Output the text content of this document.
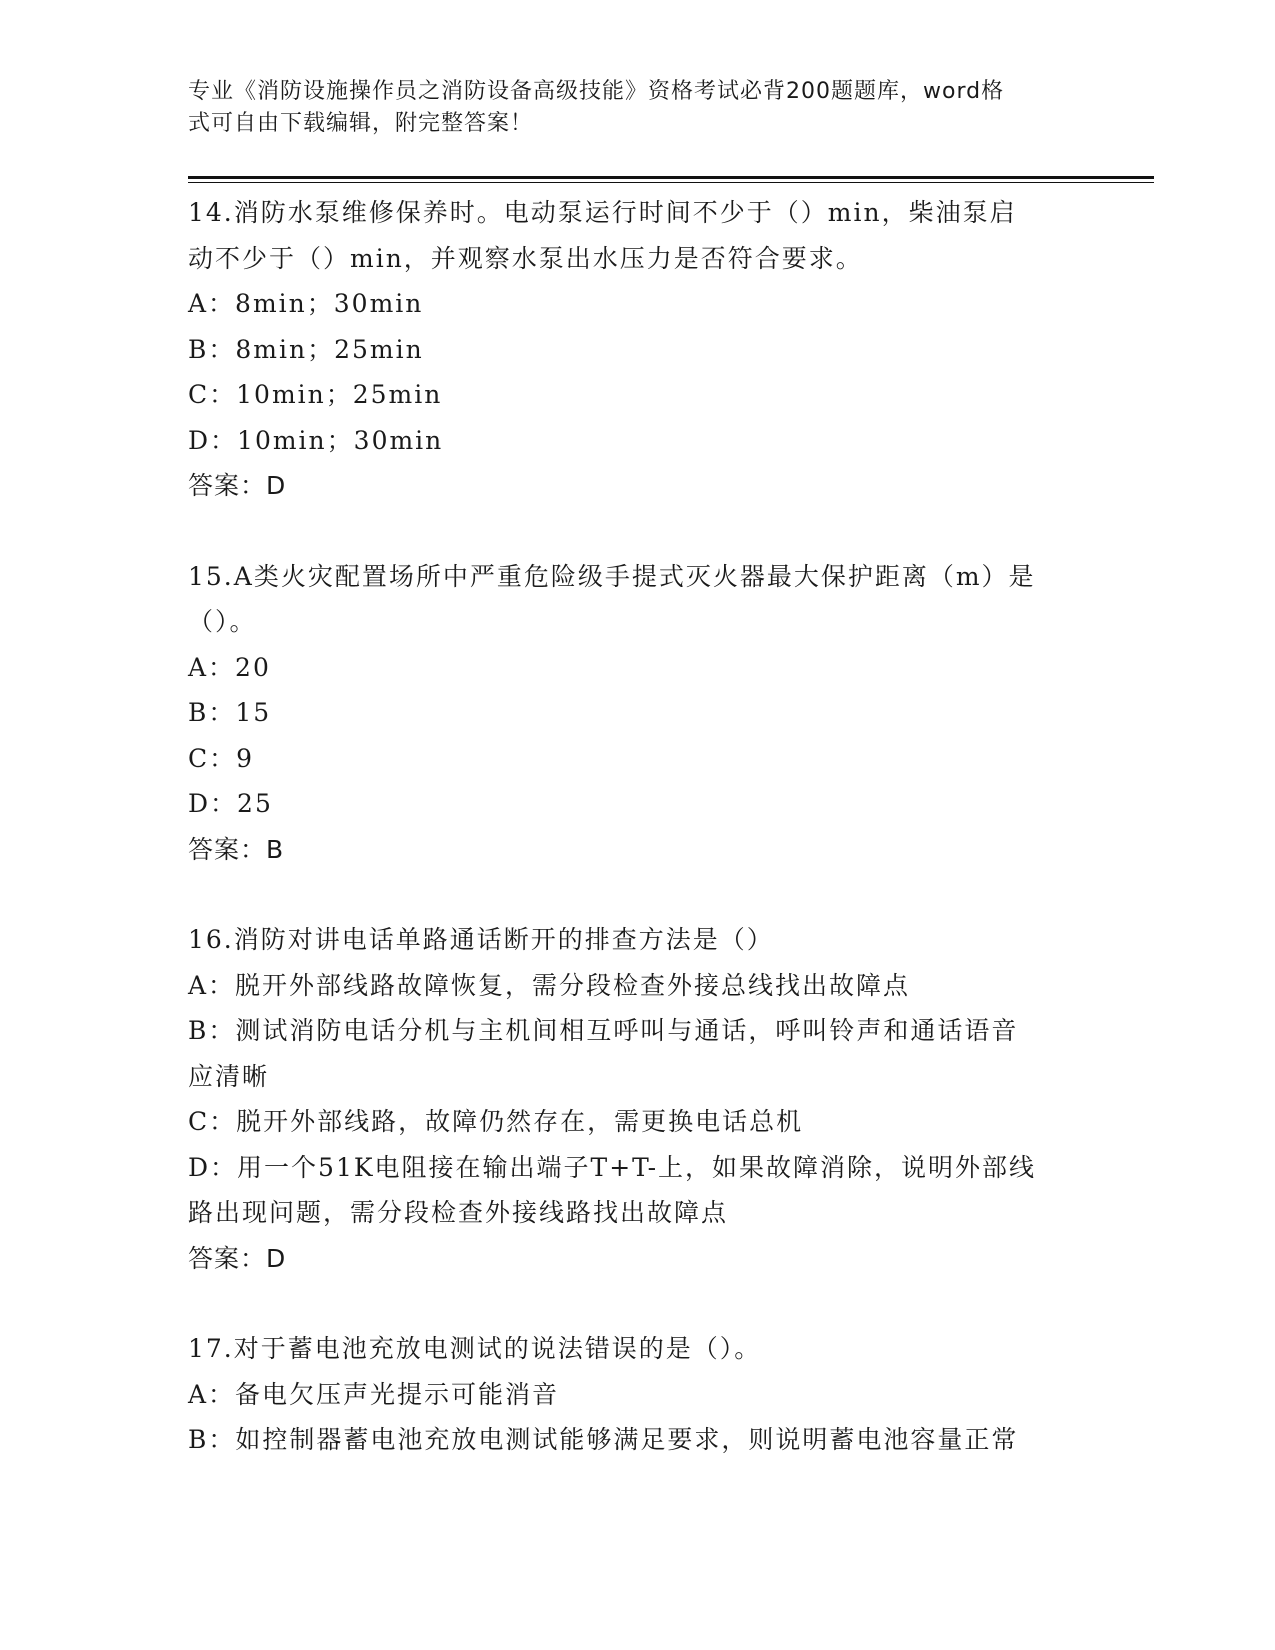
专业《消防设施操作员之消防设备高级技能》资格考试必背200题题库，word格

式可自由下载编辑，附完整答案！

14.消防水泵维修保养时。电动泵运行时间不少于（）min，柴油泵启

动不少于（）min，并观察水泵出水压力是否符合要求。

A：8min；30min

B：8min；25min

C：10min；25min

D：10min；30min

答案：D

15.A类火灾配置场所中严重危险级手提式灭火器最大保护距离（m）是

（）。

A：20

B：15

C：9

D：25

答案：B

16.消防对讲电话单路通话断开的排查方法是（）

A：脱开外部线路故障恢复，需分段检查外接总线找出故障点

B：测试消防电话分机与主机间相互呼叫与通话，呼叫铃声和通话语音

应清晰

C：脱开外部线路，故障仍然存在，需更换电话总机

D：用一个51K电阻接在输出端子T+T-上，如果故障消除，说明外部线

路出现问题，需分段检查外接线路找出故障点

答案：D

17.对于蓄电池充放电测试的说法错误的是（）。

A：备电欠压声光提示可能消音

B：如控制器蓄电池充放电测试能够满足要求，则说明蓄电池容量正常
